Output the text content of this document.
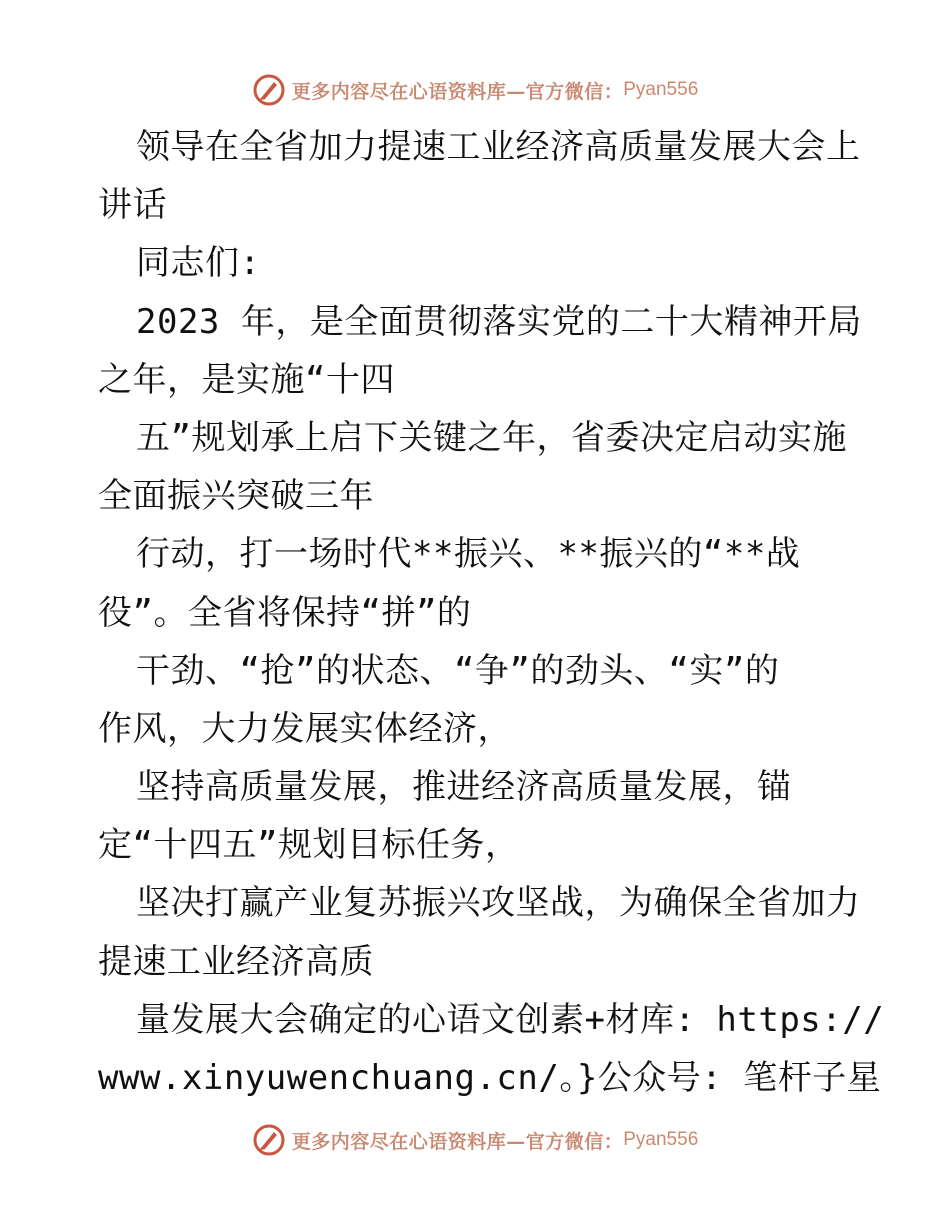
更多内容尽在心语资料库—官方微信： Pyan556
领导在全省加力提速工业经济高质量发展大会上
讲话
同志们:
2023 年，是全面贯彻落实党的二十大精神开局
之年，是实施“十四
五”规划承上启下关键之年，省委决定启动实施
全面振兴突破三年
行动，打一场时代**振兴、**振兴的“**战
役”。全省将保持“拼”的
干劲、“抢”的状态、“争”的劲头、“实”的
作风，大力发展实体经济，
坚持高质量发展，推进经济高质量发展，锚
定“十四五”规划目标任务，
坚决打赢产业复苏振兴攻坚战，为确保全省加力
提速工业经济高质
量发展大会确定的心语文创素+材库: https://
www.xinyuwenchuang.cn/。}公众号: 笔杆子星
更多内容尽在心语资料库—官方微信： Pyan556
